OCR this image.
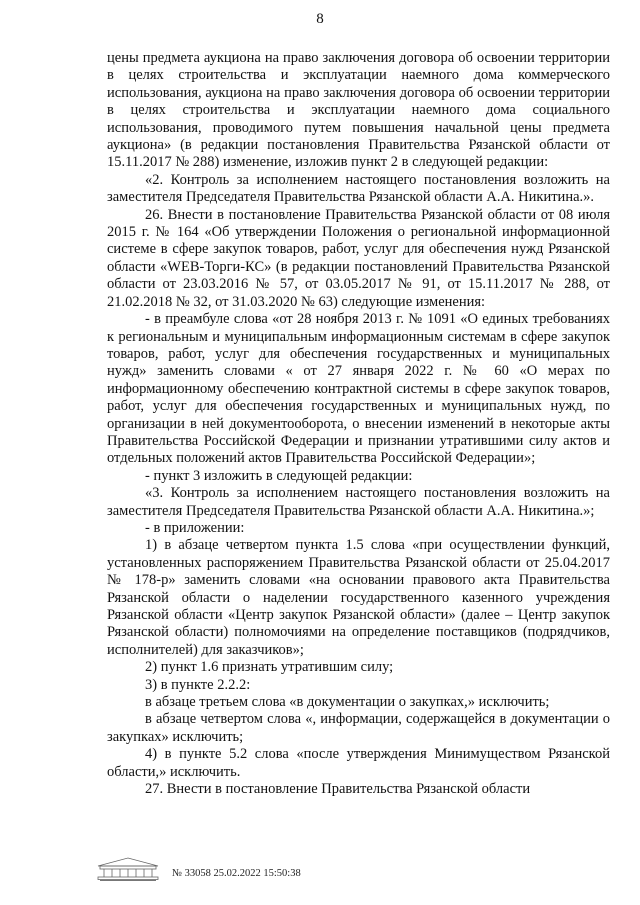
8

цены предмета аукциона на право заключения договора об освоении территории в целях строительства и эксплуатации наемного дома коммерческого использования, аукциона на право заключения договора об освоении территории в целях строительства и эксплуатации наемного дома социального использования, проводимого путем повышения начальной цены предмета аукциона» (в редакции постановления Правительства Рязанской области от 15.11.2017 № 288) изменение, изложив пункт 2 в следующей редакции:

«2. Контроль за исполнением настоящего постановления возложить на заместителя Председателя Правительства Рязанской области А.А. Никитина.».

26. Внести в постановление Правительства Рязанской области от 08 июля 2015 г. № 164 «Об утверждении Положения о региональной информационной системе в сфере закупок товаров, работ, услуг для обеспечения нужд Рязанской области «WEB-Торги-КС» (в редакции постановлений Правительства Рязанской области от 23.03.2016 № 57, от 03.05.2017 № 91, от 15.11.2017 № 288, от 21.02.2018 № 32, от 31.03.2020 № 63) следующие изменения:

- в преамбуле слова «от 28 ноября 2013 г. № 1091 «О единых требованиях к региональным и муниципальным информационным системам в сфере закупок товаров, работ, услуг для обеспечения государственных и муниципальных нужд» заменить словами « от 27 января 2022 г. № 60 «О мерах по информационному обеспечению контрактной системы в сфере закупок товаров, работ, услуг для обеспечения государственных и муниципальных нужд, по организации в ней документооборота, о внесении изменений в некоторые акты Правительства Российской Федерации и признании утратившими силу актов и отдельных положений актов Правительства Российской Федерации»;

- пункт 3 изложить в следующей редакции:

«3. Контроль за исполнением настоящего постановления возложить на заместителя Председателя Правительства Рязанской области А.А. Никитина.»;

- в приложении:

1) в абзаце четвертом пункта 1.5 слова «при осуществлении функций, установленных распоряжением Правительства Рязанской области от 25.04.2017 № 178-р» заменить словами «на основании правового акта Правительства Рязанской области о наделении государственного казенного учреждения Рязанской области «Центр закупок Рязанской области» (далее – Центр закупок Рязанской области) полномочиями на определение поставщиков (подрядчиков, исполнителей) для заказчиков»;

2) пункт 1.6 признать утратившим силу;

3) в пункте 2.2.2:

в абзаце третьем слова «в документации о закупках,» исключить;

в абзаце четвертом слова «, информации, содержащейся в документации о закупках» исключить;

4) в пункте 5.2 слова «после утверждения Минимуществом Рязанской области,» исключить.

27. Внести в постановление Правительства Рязанской области

№ 33058 25.02.2022 15:50:38
